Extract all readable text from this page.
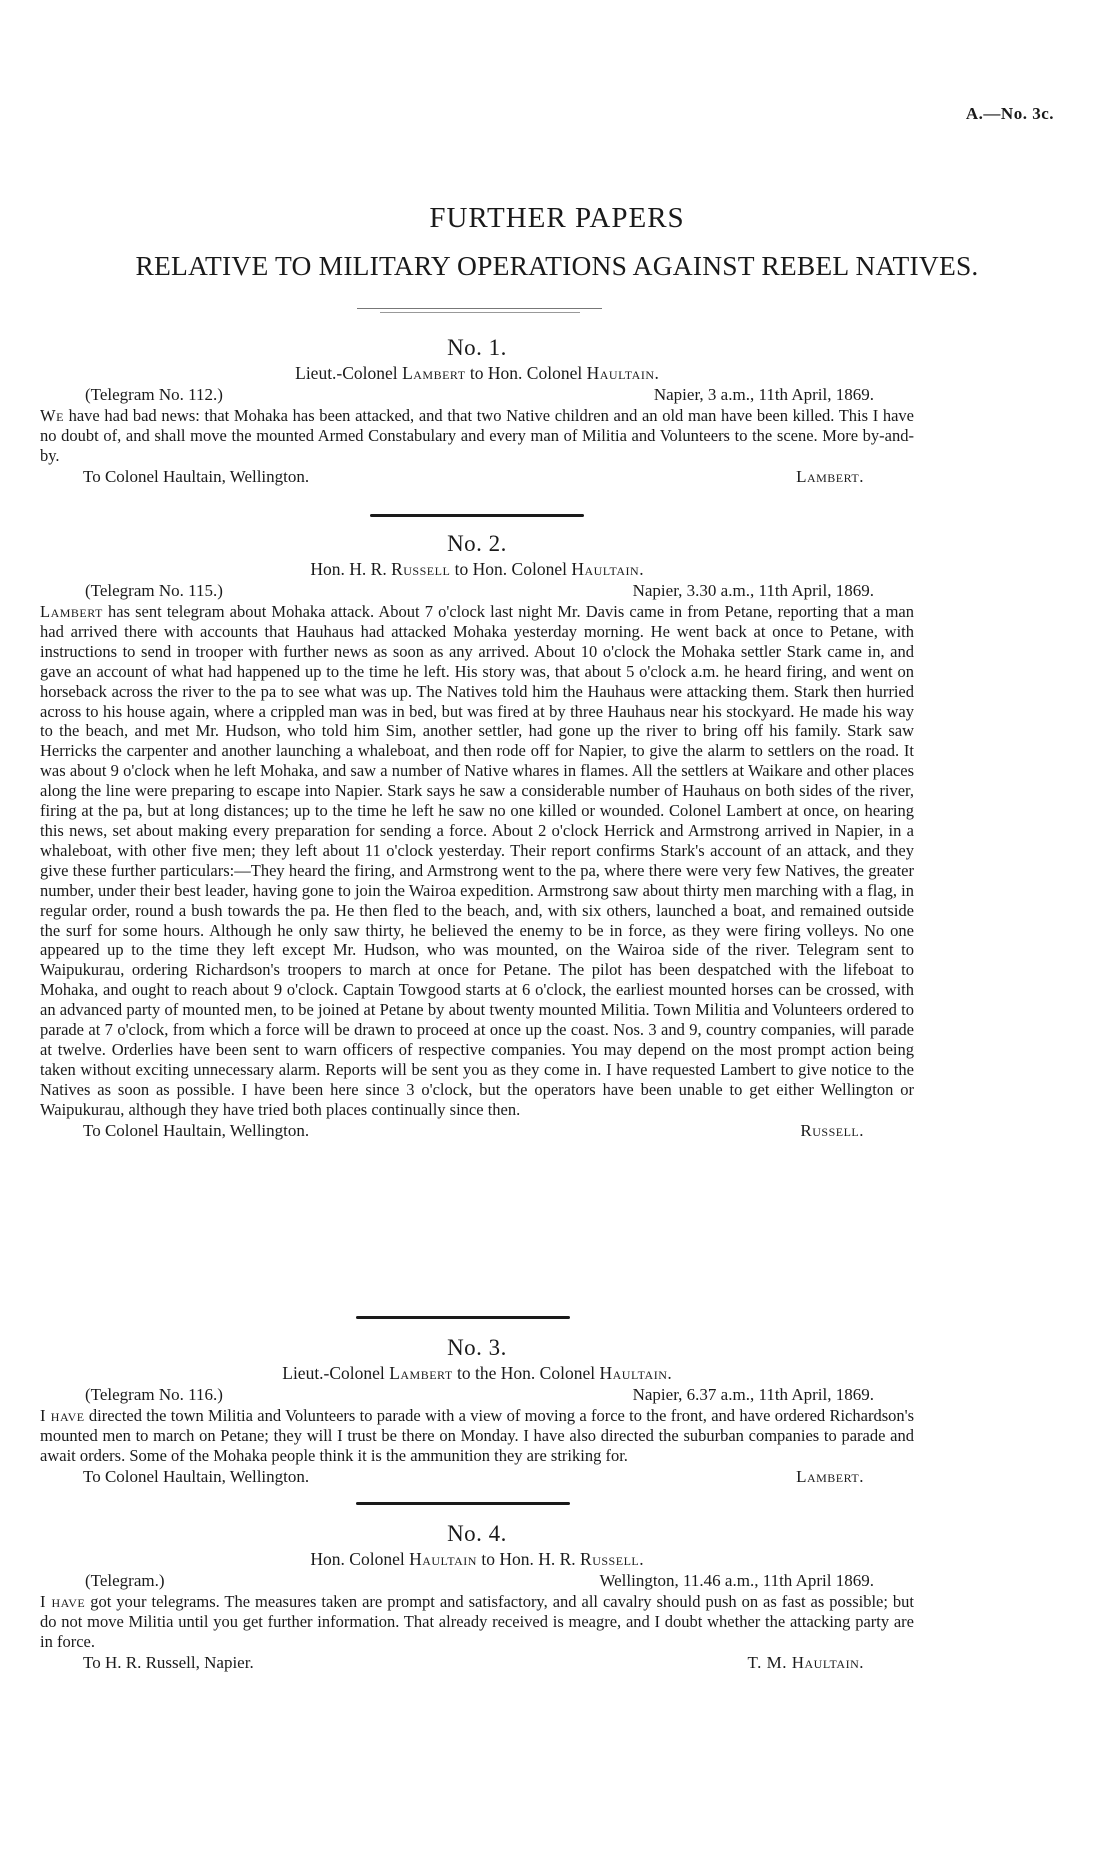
A.—No. 3c.
FURTHER PAPERS
RELATIVE TO MILITARY OPERATIONS AGAINST REBEL NATIVES.
No. 1.
Lieut.-Colonel Lambert to Hon. Colonel Haultain.
(Telegram No. 112.)	Napier, 3 a.m., 11th April, 1869.

We have had bad news: that Mohaka has been attacked, and that two Native children and an old man have been killed. This I have no doubt of, and shall move the mounted Armed Constabulary and every man of Militia and Volunteers to the scene. More by-and-by.

To Colonel Haultain, Wellington.	Lambert.
No. 2.
Hon. H. R. Russell to Hon. Colonel Haultain.
(Telegram No. 115.)	Napier, 3.30 a.m., 11th April, 1869.

Lambert has sent telegram about Mohaka attack. About 7 o'clock last night Mr. Davis came in from Petane, reporting that a man had arrived there with accounts that Hauhaus had attacked Mohaka yesterday morning. He went back at once to Petane, with instructions to send in trooper with further news as soon as any arrived. About 10 o'clock the Mohaka settler Stark came in, and gave an account of what had happened up to the time he left. His story was, that about 5 o'clock a.m. he heard firing, and went on horseback across the river to the pa to see what was up. The Natives told him the Hauhaus were attacking them. Stark then hurried across to his house again, where a crippled man was in bed, but was fired at by three Hauhaus near his stockyard. He made his way to the beach, and met Mr. Hudson, who told him Sim, another settler, had gone up the river to bring off his family. Stark saw Herricks the carpenter and another launching a whaleboat, and then rode off for Napier, to give the alarm to settlers on the road. It was about 9 o'clock when he left Mohaka, and saw a number of Native whares in flames. All the settlers at Waikare and other places along the line were preparing to escape into Napier. Stark says he saw a considerable number of Hauhaus on both sides of the river, firing at the pa, but at long distances; up to the time he left he saw no one killed or wounded. Colonel Lambert at once, on hearing this news, set about making every preparation for sending a force. About 2 o'clock Herrick and Armstrong arrived in Napier, in a whaleboat, with other five men; they left about 11 o'clock yesterday. Their report confirms Stark's account of an attack, and they give these further particulars:—They heard the firing, and Armstrong went to the pa, where there were very few Natives, the greater number, under their best leader, having gone to join the Wairoa expedition. Armstrong saw about thirty men marching with a flag, in regular order, round a bush towards the pa. He then fled to the beach, and, with six others, launched a boat, and remained outside the surf for some hours. Although he only saw thirty, he believed the enemy to be in force, as they were firing volleys. No one appeared up to the time they left except Mr. Hudson, who was mounted, on the Wairoa side of the river. Telegram sent to Waipukurau, ordering Richardson's troopers to march at once for Petane. The pilot has been despatched with the lifeboat to Mohaka, and ought to reach about 9 o'clock. Captain Towgood starts at 6 o'clock, the earliest mounted horses can be crossed, with an advanced party of mounted men, to be joined at Petane by about twenty mounted Militia. Town Militia and Volunteers ordered to parade at 7 o'clock, from which a force will be drawn to proceed at once up the coast. Nos. 3 and 9, country companies, will parade at twelve. Orderlies have been sent to warn officers of respective companies. You may depend on the most prompt action being taken without exciting unnecessary alarm. Reports will be sent you as they come in. I have requested Lambert to give notice to the Natives as soon as possible. I have been here since 3 o'clock, but the operators have been unable to get either Wellington or Waipukurau, although they have tried both places continually since then.

To Colonel Haultain, Wellington.	Russell.
No. 3.
Lieut.-Colonel Lambert to the Hon. Colonel Haultain.
(Telegram No. 116.)	Napier, 6.37 a.m., 11th April, 1869.

I have directed the town Militia and Volunteers to parade with a view of moving a force to the front, and have ordered Richardson's mounted men to march on Petane; they will I trust be there on Monday. I have also directed the suburban companies to parade and await orders. Some of the Mohaka people think it is the ammunition they are striking for.

To Colonel Haultain, Wellington.	Lambert.
No. 4.
Hon. Colonel Haultain to Hon. H. R. Russell.
(Telegram.)	Wellington, 11.46 a.m., 11th April 1869.

I have got your telegrams. The measures taken are prompt and satisfactory, and all cavalry should push on as fast as possible; but do not move Militia until you get further information. That already received is meagre, and I doubt whether the attacking party are in force.

To H. R. Russell, Napier.	T. M. Haultain.
